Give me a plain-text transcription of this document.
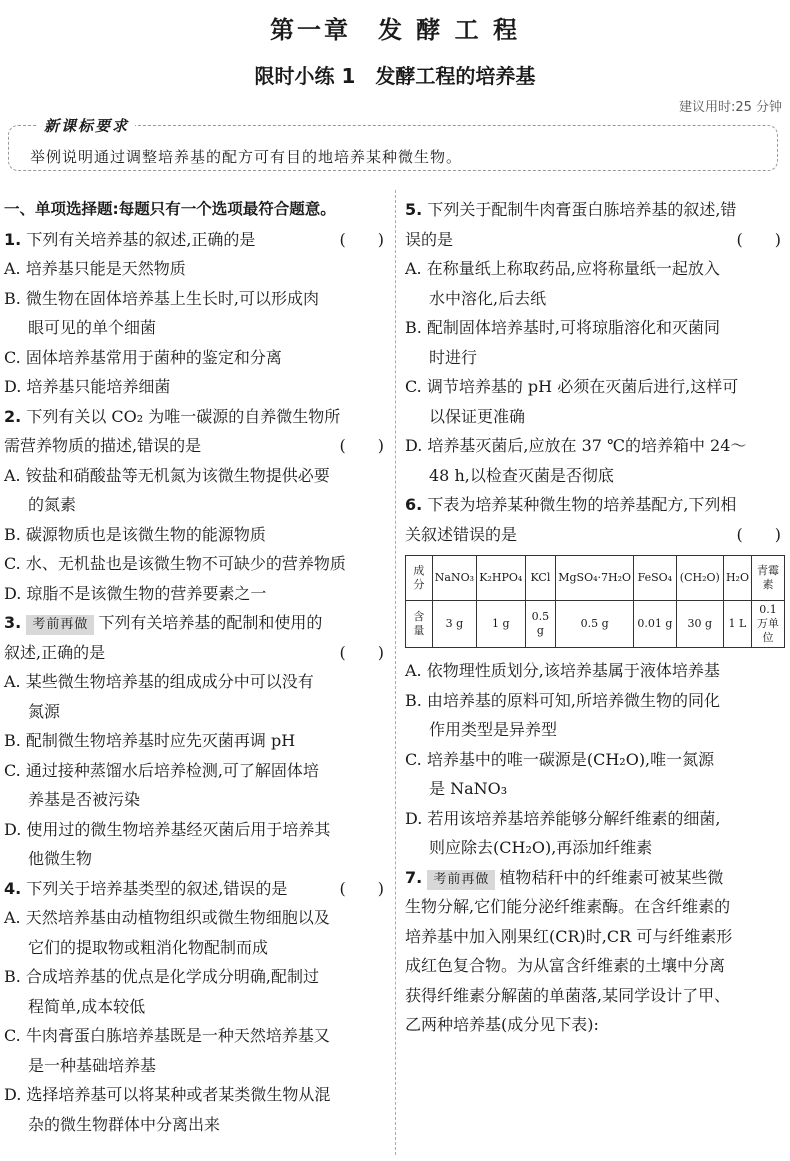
第一章　发 酵 工 程
限时小练 1　发酵工程的培养基
建议用时:25 分钟
新课标要求
举例说明通过调整培养基的配方可有目的地培养某种微生物。
一、单项选择题:每题只有一个选项最符合题意。
1. 下列有关培养基的叙述,正确的是	(　　)
A. 培养基只能是天然物质
B. 微生物在固体培养基上生长时,可以形成肉
眼可见的单个细菌
C. 固体培养基常用于菌种的鉴定和分离
D. 培养基只能培养细菌
2. 下列有关以 CO₂ 为唯一碳源的自养微生物所
需营养物质的描述,错误的是	(　　)
A. 铵盐和硝酸盐等无机氮为该微生物提供必要
的氮素
B. 碳源物质也是该微生物的能源物质
C. 水、无机盐也是该微生物不可缺少的营养物质
D. 琼脂不是该微生物的营养要素之一
3. 考前再做 下列有关培养基的配制和使用的
叙述,正确的是	(　　)
A. 某些微生物培养基的组成成分中可以没有
氮源
B. 配制微生物培养基时应先灭菌再调 pH
C. 通过接种蒸馏水后培养检测,可了解固体培
养基是否被污染
D. 使用过的微生物培养基经灭菌后用于培养其
他微生物
4. 下列关于培养基类型的叙述,错误的是	(　　)
A. 天然培养基由动植物组织或微生物细胞以及
它们的提取物或粗消化物配制而成
B. 合成培养基的优点是化学成分明确,配制过
程简单,成本较低
C. 牛肉膏蛋白胨培养基既是一种天然培养基又
是一种基础培养基
D. 选择培养基可以将某种或者某类微生物从混
杂的微生物群体中分离出来
5. 下列关于配制牛肉膏蛋白胨培养基的叙述,错
误的是	(　　)
A. 在称量纸上称取药品,应将称量纸一起放入
水中溶化,后去纸
B. 配制固体培养基时,可将琼脂溶化和灭菌同
时进行
C. 调节培养基的 pH 必须在灭菌后进行,这样可
以保证更准确
D. 培养基灭菌后,应放在 37 ℃的培养箱中 24～
48 h,以检查灭菌是否彻底
6. 下表为培养某种微生物的培养基配方,下列相
关叙述错误的是	(　　)
成分	NaNO₃	K₂HPO₄	KCl	MgSO₄·7H₂O	FeSO₄	(CH₂O)	H₂O	青霉素
含量	3 g	1 g	0.5 g	0.5 g	0.01 g	30 g	1 L	0.1 万单位
A. 依物理性质划分,该培养基属于液体培养基
B. 由培养基的原料可知,所培养微生物的同化
作用类型是异养型
C. 培养基中的唯一碳源是(CH₂O),唯一氮源
是 NaNO₃
D. 若用该培养基培养能够分解纤维素的细菌,
则应除去(CH₂O),再添加纤维素
7. 考前再做 植物秸秆中的纤维素可被某些微
生物分解,它们能分泌纤维素酶。在含纤维素的
培养基中加入刚果红(CR)时,CR 可与纤维素形
成红色复合物。为从富含纤维素的土壤中分离
获得纤维素分解菌的单菌落,某同学设计了甲、
乙两种培养基(成分见下表):
